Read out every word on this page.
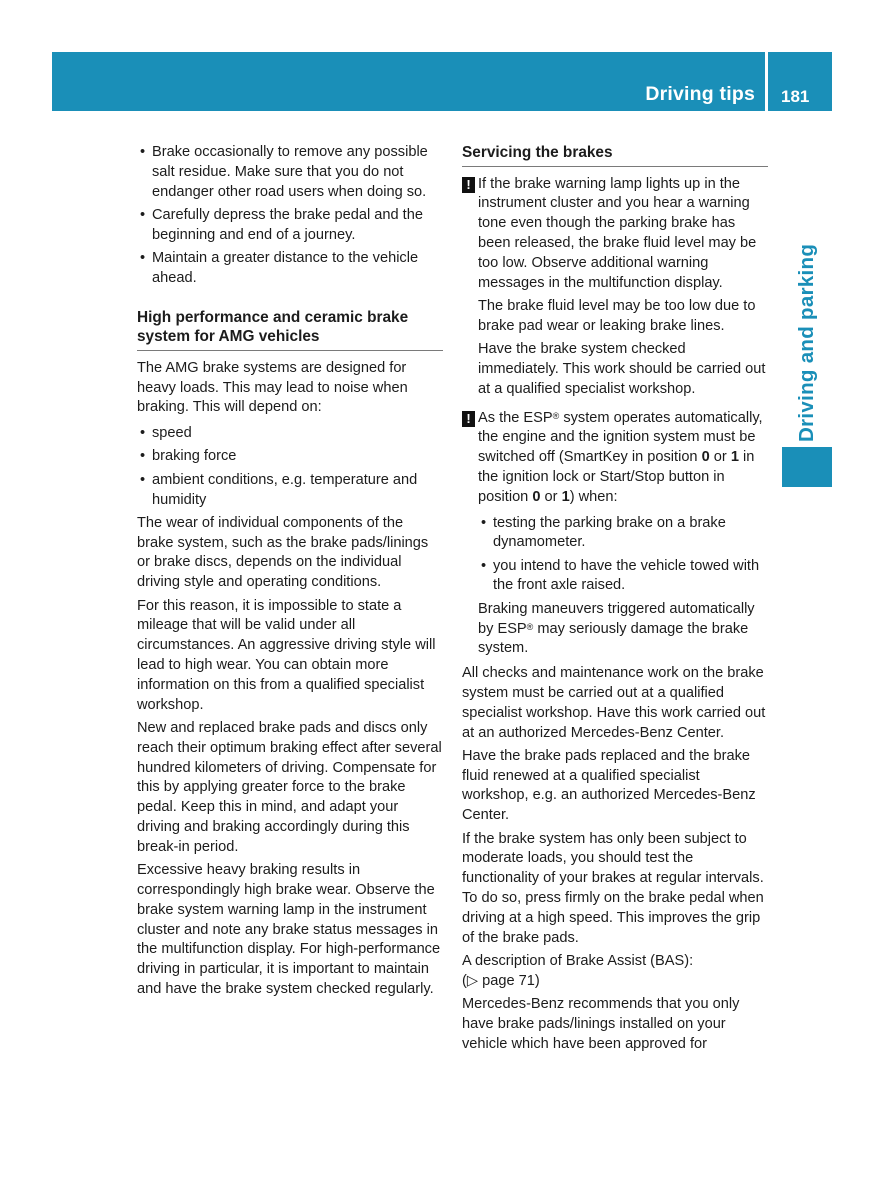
Driving tips 181
Driving and parking
• Brake occasionally to remove any possible salt residue. Make sure that you do not endanger other road users when doing so.
• Carefully depress the brake pedal and the beginning and end of a journey.
• Maintain a greater distance to the vehicle ahead.
High performance and ceramic brake system for AMG vehicles

The AMG brake systems are designed for heavy loads. This may lead to noise when braking. This will depend on:

• speed
• braking force
• ambient conditions, e.g. temperature and humidity

The wear of individual components of the brake system, such as the brake pads/linings or brake discs, depends on the individual driving style and operating conditions.

For this reason, it is impossible to state a mileage that will be valid under all circumstances. An aggressive driving style will lead to high wear. You can obtain more information on this from a qualified specialist workshop.

New and replaced brake pads and discs only reach their optimum braking effect after several hundred kilometers of driving. Compensate for this by applying greater force to the brake pedal. Keep this in mind, and adapt your driving and braking accordingly during this break-in period.

Excessive heavy braking results in correspondingly high brake wear. Observe the brake system warning lamp in the instrument cluster and note any brake status messages in the multifunction display. For high-performance driving in particular, it is important to maintain and have the brake system checked regularly.

Servicing the brakes
! If the brake warning lamp lights up in the instrument cluster and you hear a warning tone even though the parking brake has been released, the brake fluid level may be too low. Observe additional warning messages in the multifunction display.

The brake fluid level may be too low due to brake pad wear or leaking brake lines.

Have the brake system checked immediately. This work should be carried out at a qualified specialist workshop.

! As the ESP® system operates automatically, the engine and the ignition system must be switched off (SmartKey in position 0 or 1 in the ignition lock or Start/Stop button in position 0 or 1) when:

• testing the parking brake on a brake dynamometer.
• you intend to have the vehicle towed with the front axle raised.

Braking maneuvers triggered automatically by ESP® may seriously damage the brake system.

All checks and maintenance work on the brake system must be carried out at a qualified specialist workshop. Have this work carried out at an authorized Mercedes-Benz Center.

Have the brake pads replaced and the brake fluid renewed at a qualified specialist workshop, e.g. an authorized Mercedes-Benz Center.

If the brake system has only been subject to moderate loads, you should test the functionality of your brakes at regular intervals. To do so, press firmly on the brake pedal when driving at a high speed. This improves the grip of the brake pads.

A description of Brake Assist (BAS):

(▷ page 71)

Mercedes-Benz recommends that you only have brake pads/linings installed on your vehicle which have been approved for
